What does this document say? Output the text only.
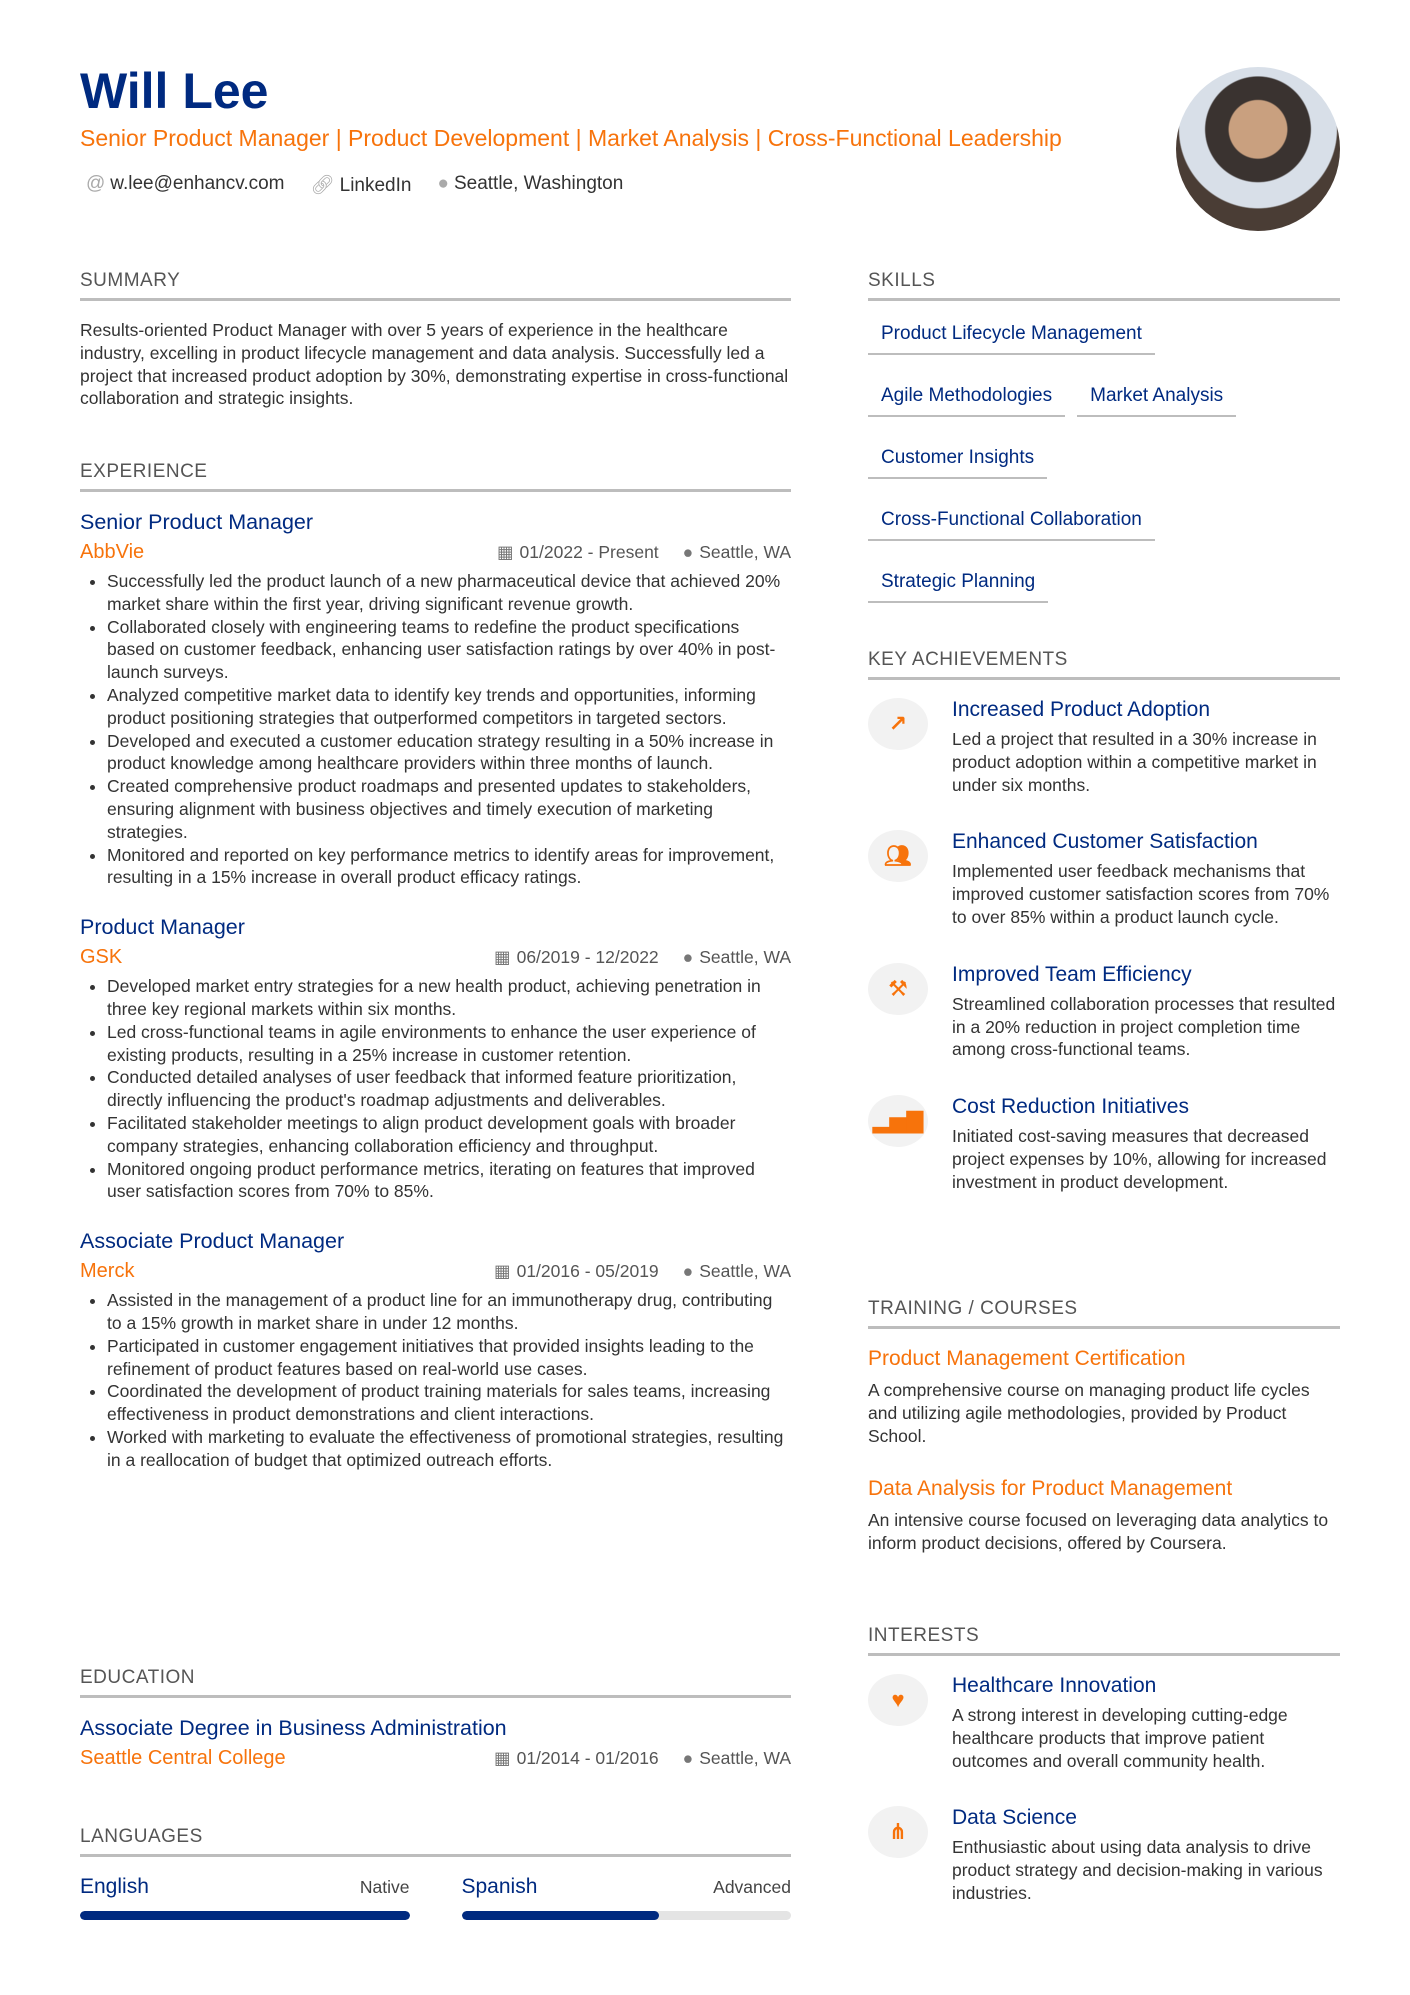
Will Lee
Senior Product Manager | Product Development | Market Analysis | Cross-Functional Leadership
@ w.lee@enhancv.com 🔗︎ LinkedIn ● Seattle, Washington
SUMMARY

Results-oriented Product Manager with over 5 years of experience in the healthcare industry, excelling in product lifecycle management and data analysis. Successfully led a project that increased product adoption by 30%, demonstrating expertise in cross-functional collaboration and strategic insights.

EXPERIENCE
Senior Product Manager
AbbVie	▦ 01/2022 - Present ● Seattle, WA
• Successfully led the product launch of a new pharmaceutical device that achieved 20% market share within the first year, driving significant revenue growth.
• Collaborated closely with engineering teams to redefine the product specifications based on customer feedback, enhancing user satisfaction ratings by over 40% in post-launch surveys.
• Analyzed competitive market data to identify key trends and opportunities, informing product positioning strategies that outperformed competitors in targeted sectors.
• Developed and executed a customer education strategy resulting in a 50% increase in product knowledge among healthcare providers within three months of launch.
• Created comprehensive product roadmaps and presented updates to stakeholders, ensuring alignment with business objectives and timely execution of marketing strategies.
• Monitored and reported on key performance metrics to identify areas for improvement, resulting in a 15% increase in overall product efficacy ratings.
Product Manager
GSK	▦ 06/2019 - 12/2022 ● Seattle, WA
• Developed market entry strategies for a new health product, achieving penetration in three key regional markets within six months.
• Led cross-functional teams in agile environments to enhance the user experience of existing products, resulting in a 25% increase in customer retention.
• Conducted detailed analyses of user feedback that informed feature prioritization, directly influencing the product's roadmap adjustments and deliverables.
• Facilitated stakeholder meetings to align product development goals with broader company strategies, enhancing collaboration efficiency and throughput.
• Monitored ongoing product performance metrics, iterating on features that improved user satisfaction scores from 70% to 85%.
Associate Product Manager
Merck	▦ 01/2016 - 05/2019 ● Seattle, WA
• Assisted in the management of a product line for an immunotherapy drug, contributing to a 15% growth in market share in under 12 months.
• Participated in customer engagement initiatives that provided insights leading to the refinement of product features based on real-world use cases.
• Coordinated the development of product training materials for sales teams, increasing effectiveness in product demonstrations and client interactions.
• Worked with marketing to evaluate the effectiveness of promotional strategies, resulting in a reallocation of budget that optimized outreach efforts.
EDUCATION
Associate Degree in Business Administration
Seattle Central College	▦ 01/2014 - 01/2016 ● Seattle, WA
LANGUAGES
English	Native Spanish	Advanced
SKILLS
Product Lifecycle Management
Agile Methodologies Market Analysis
Customer Insights
Cross-Functional Collaboration
Strategic Planning
KEY ACHIEVEMENTS
↗
Increased Product Adoption

Led a project that resulted in a 30% increase in product adoption within a competitive market in under six months.

👥︎
Enhanced Customer Satisfaction

Implemented user feedback mechanisms that improved customer satisfaction scores from 70% to over 85% within a product launch cycle.

⚒
Improved Team Efficiency

Streamlined collaboration processes that resulted in a 20% reduction in project completion time among cross-functional teams.

▂▅▇
Cost Reduction Initiatives

Initiated cost-saving measures that decreased project expenses by 10%, allowing for increased investment in product development.

TRAINING / COURSES
Product Management Certification

A comprehensive course on managing product life cycles and utilizing agile methodologies, provided by Product School.

Data Analysis for Product Management

An intensive course focused on leveraging data analytics to inform product decisions, offered by Coursera.

INTERESTS
♥
Healthcare Innovation

A strong interest in developing cutting-edge healthcare products that improve patient outcomes and overall community health.

⋔
Data Science

Enthusiastic about using data analysis to drive product strategy and decision-making in various industries.
